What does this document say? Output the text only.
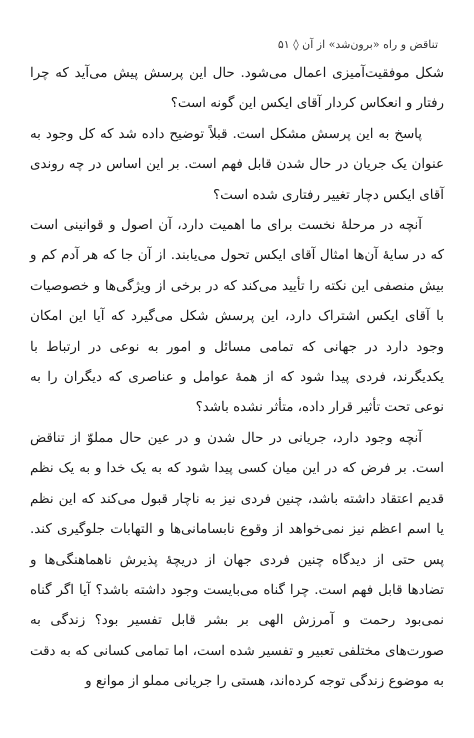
تناقض و راه «برون‌شد» از آن ◊ ۵۱

شکل موفقیت‌آمیزی اعمال می‌شود. حال این پرسش پیش می‌آید که چرا رفتار و انعکاس کردار آقای ایکس این گونه است؟

پاسخ به این پرسش مشکل است. قبلاً توضیح داده شد که کل وجود به عنوان یک جریان در حال شدن قابل فهم است. بر این اساس در چه روندی آقای ایکس دچار تغییر رفتاری شده است؟

آنچه در مرحلهٔ نخست برای ما اهمیت دارد، آن اصول و قوانینی است که در سایهٔ آن‌ها امثال آقای ایکس تحول می‌یابند. از آن جا که هر آدم کم و بیش منصفی این نکته را تأیید می‌کند که در برخی از ویژگی‌ها و خصوصیات با آقای ایکس اشتراک دارد، این پرسش شکل می‌گیرد که آیا این امکان وجود دارد در جهانی که تمامی مسائل و امور به نوعی در ارتباط با یکدیگرند، فردی پیدا شود که از همهٔ عوامل و عناصری که دیگران را به نوعی تحت تأثیر قرار داده، متأثر نشده باشد؟

آنچه وجود دارد، جریانی در حال شدن و در عین حال مملوّ از تناقض است. بر فرض که در این میان کسی پیدا شود که به یک خدا و به یک نظم قدیم اعتقاد داشته باشد، چنین فردی نیز به ناچار قبول می‌کند که این نظم یا اسم اعظم نیز نمی‌خواهد از وقوع نابسامانی‌ها و التهابات جلوگیری کند. پس حتی از دیدگاه چنین فردی جهان از دریچهٔ پذیرش ناهماهنگی‌ها و تضادها قابل فهم است. چرا گناه می‌بایست وجود داشته باشد؟ آیا اگر گناه نمی‌بود رحمت و آمرزش الهی بر بشر قابل تفسیر بود؟ زندگی به صورت‌های مختلفی تعبیر و تفسیر شده است، اما تمامی کسانی که به دقت به موضوع زندگی توجه کرده‌اند، هستی را جریانی مملو از موانع و
